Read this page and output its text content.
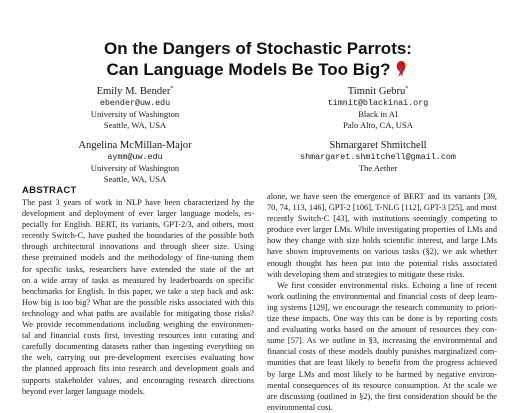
On the Dangers of Stochastic Parrots:
Can Language Models Be Too Big?
Emily M. Bender*
ebender@uw.edu
University of Washington
Seattle, WA, USA
Timnit Gebru*
timnit@blackinai.org
Black in AI
Palo Alto, CA, USA
Angelina McMillan-Major
aymm@uw.edu
University of Washington
Seattle, WA, USA
Shmargaret Shmitchell
shmargaret.shmitchell@gmail.com
The Aether
ABSTRACT
The past 3 years of work in NLP have been characterized by the
development and deployment of ever larger language models, es-
pecially for English. BERT, its variants, GPT-2/3, and others, most
recently Switch-C, have pushed the boundaries of the possible both
through architectural innovations and through sheer size. Using
these pretrained models and the methodology of fine-tuning them
for specific tasks, researchers have extended the state of the art
on a wide array of tasks as measured by leaderboards on specific
benchmarks for English. In this paper, we take a step back and ask:
How big is too big? What are the possible risks associated with this
technology and what paths are available for mitigating those risks?
We provide recommendations including weighing the environmen-
tal and financial costs first, investing resources into curating and
carefully documenting datasets rather than ingesting everything on
the web, carrying out pre-development exercises evaluating how
the planned approach fits into research and development goals and
supports stakeholder values, and encouraging research directions
beyond ever larger language models.
alone, we have seen the emergence of BERT and its variants [39,
70, 74, 113, 146], GPT-2 [106], T-NLG [112], GPT-3 [25], and most
recently Switch-C [43], with institutions seemingly competing to
produce ever larger LMs. While investigating properties of LMs and
how they change with size holds scientific interest, and large LMs
have shown improvements on various tasks (§2), we ask whether
enough thought has been put into the potential risks associated
with developing them and strategies to mitigate these risks.
We first consider environmental risks. Echoing a line of recent
work outlining the environmental and financial costs of deep learn-
ing systems [129], we encourage the research community to priori-
tize these impacts. One way this can be done is by reporting costs
and evaluating works based on the amount of resources they con-
sume [57]. As we outline in §3, increasing the environmental and
financial costs of these models doubly punishes marginalized com-
munities that are least likely to benefit from the progress achieved
by large LMs and most likely to be harmed by negative environ-
mental consequences of its resource consumption. At the scale we
are discussing (outlined in §2), the first consideration should be the
environmental cost.
